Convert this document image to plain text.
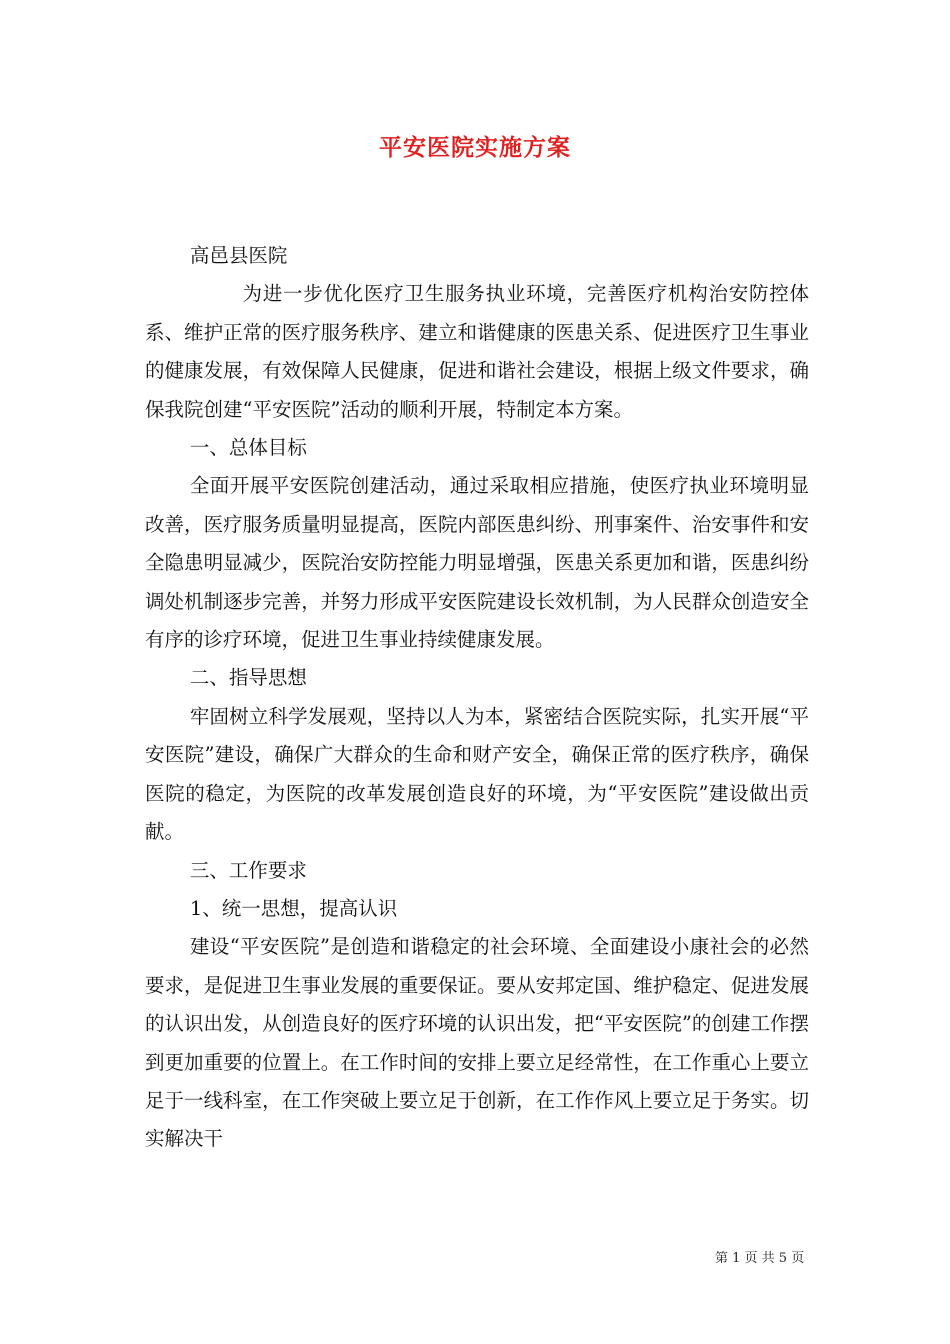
平安医院实施方案

高邑县医院

为进一步优化医疗卫生服务执业环境，完善医疗机构治安防控体系、维护正常的医疗服务秩序、建立和谐健康的医患关系、促进医疗卫生事业的健康发展，有效保障人民健康，促进和谐社会建设，根据上级文件要求，确保我院创建“平安医院”活动的顺利开展，特制定本方案。

一、总体目标

全面开展平安医院创建活动，通过采取相应措施，使医疗执业环境明显改善，医疗服务质量明显提高，医院内部医患纠纷、刑事案件、治安事件和安全隐患明显减少，医院治安防控能力明显增强，医患关系更加和谐，医患纠纷调处机制逐步完善，并努力形成平安医院建设长效机制，为人民群众创造安全有序的诊疗环境，促进卫生事业持续健康发展。

二、指导思想

牢固树立科学发展观，坚持以人为本，紧密结合医院实际，扎实开展“平安医院”建设，确保广大群众的生命和财产安全，确保正常的医疗秩序，确保医院的稳定，为医院的改革发展创造良好的环境，为“平安医院”建设做出贡献。

三、工作要求

1、统一思想，提高认识

建设“平安医院”是创造和谐稳定的社会环境、全面建设小康社会的必然要求，是促进卫生事业发展的重要保证。要从安邦定国、维护稳定、促进发展的认识出发，从创造良好的医疗环境的认识出发，把“平安医院”的创建工作摆到更加重要的位置上。在工作时间的安排上要立足经常性，在工作重心上要立足于一线科室，在工作突破上要立足于创新，在工作作风上要立足于务实。切实解决干

第 1 页 共 5 页
